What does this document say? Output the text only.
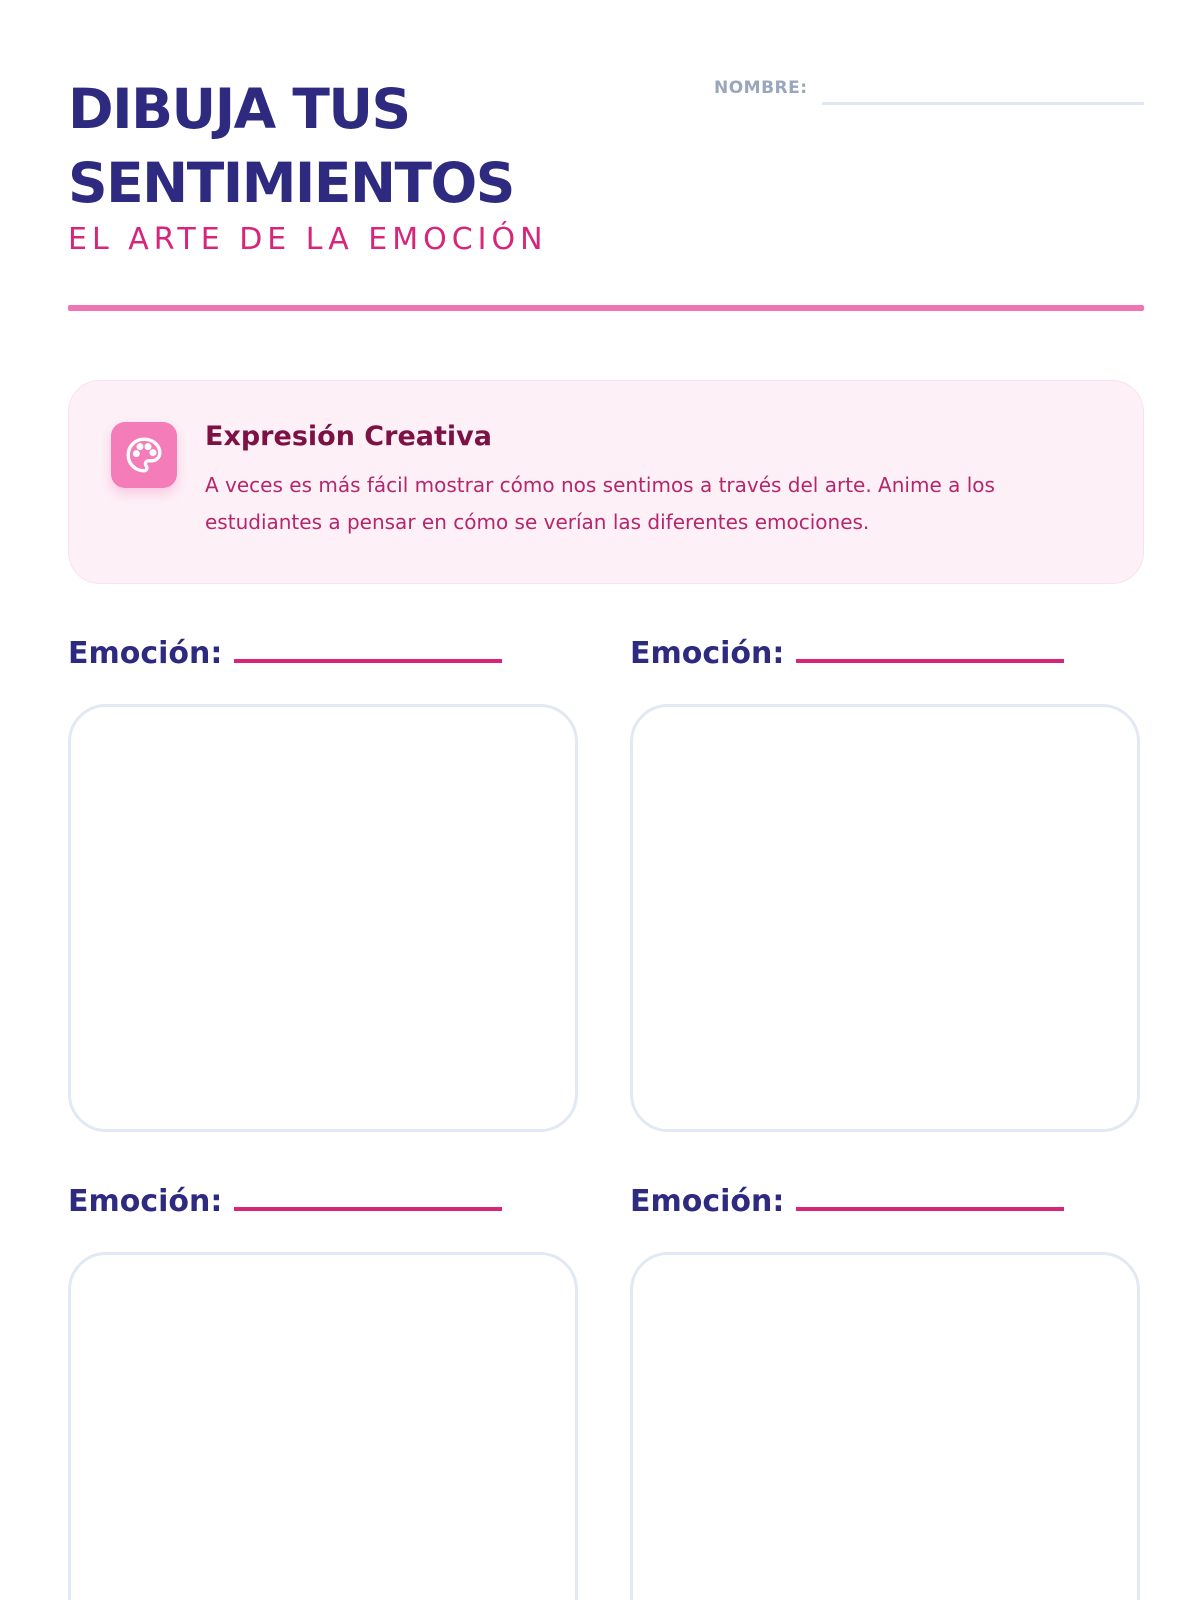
DIBUJA TUS
SENTIMIENTOS
EL ARTE DE LA EMOCIÓN
NOMBRE:
Expresión Creativa

A veces es más fácil mostrar cómo nos sentimos a través del arte. Anime a los estudiantes a pensar en cómo se verían las diferentes emociones.

Emoción:	Emoción:
Emoción:	Emoción:
